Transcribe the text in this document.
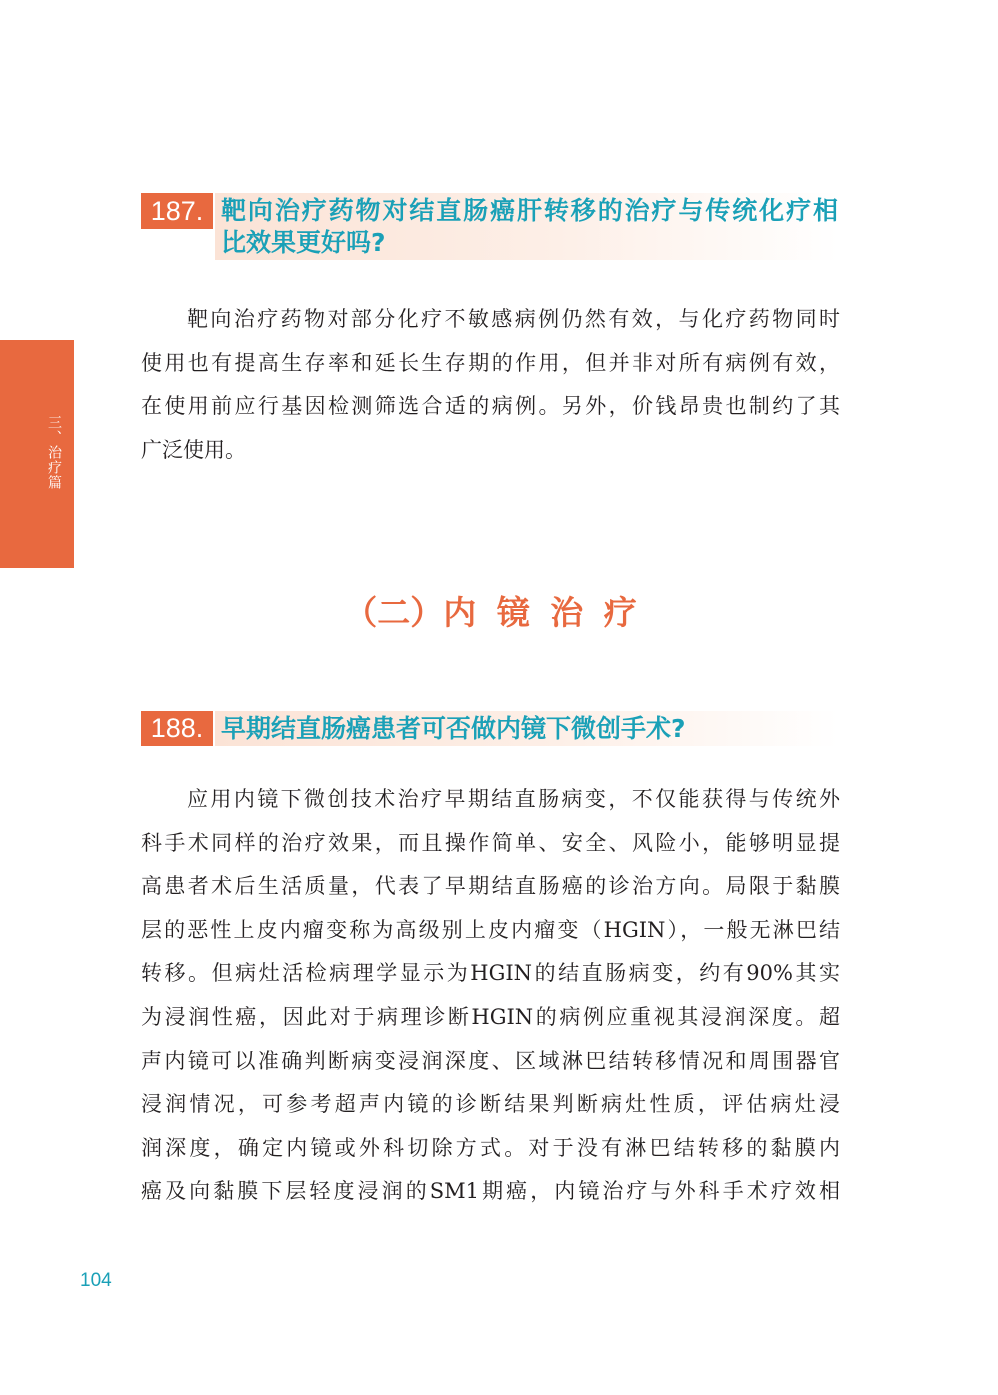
三、治疗篇
187. 靶向治疗药物对结直肠癌肝转移的治疗与传统化疗相
比效果更好吗?
靶向治疗药物对部分化疗不敏感病例仍然有效，与化疗药物同时
使用也有提高生存率和延长生存期的作用，但并非对所有病例有效，
在使用前应行基因检测筛选合适的病例。另外，价钱昂贵也制约了其
广泛使用。
（二）内 镜 治 疗
188. 早期结直肠癌患者可否做内镜下微创手术?
应用内镜下微创技术治疗早期结直肠病变，不仅能获得与传统外
科手术同样的治疗效果，而且操作简单、安全、风险小，能够明显提
高患者术后生活质量，代表了早期结直肠癌的诊治方向。局限于黏膜
层的恶性上皮内瘤变称为高级别上皮内瘤变（HGIN），一般无淋巴结
转移。但病灶活检病理学显示为HGIN的结直肠病变，约有90%其实
为浸润性癌，因此对于病理诊断HGIN的病例应重视其浸润深度。超
声内镜可以准确判断病变浸润深度、区域淋巴结转移情况和周围器官
浸润情况，可参考超声内镜的诊断结果判断病灶性质，评估病灶浸
润深度，确定内镜或外科切除方式。对于没有淋巴结转移的黏膜内
癌及向黏膜下层轻度浸润的SM1期癌，内镜治疗与外科手术疗效相
104
